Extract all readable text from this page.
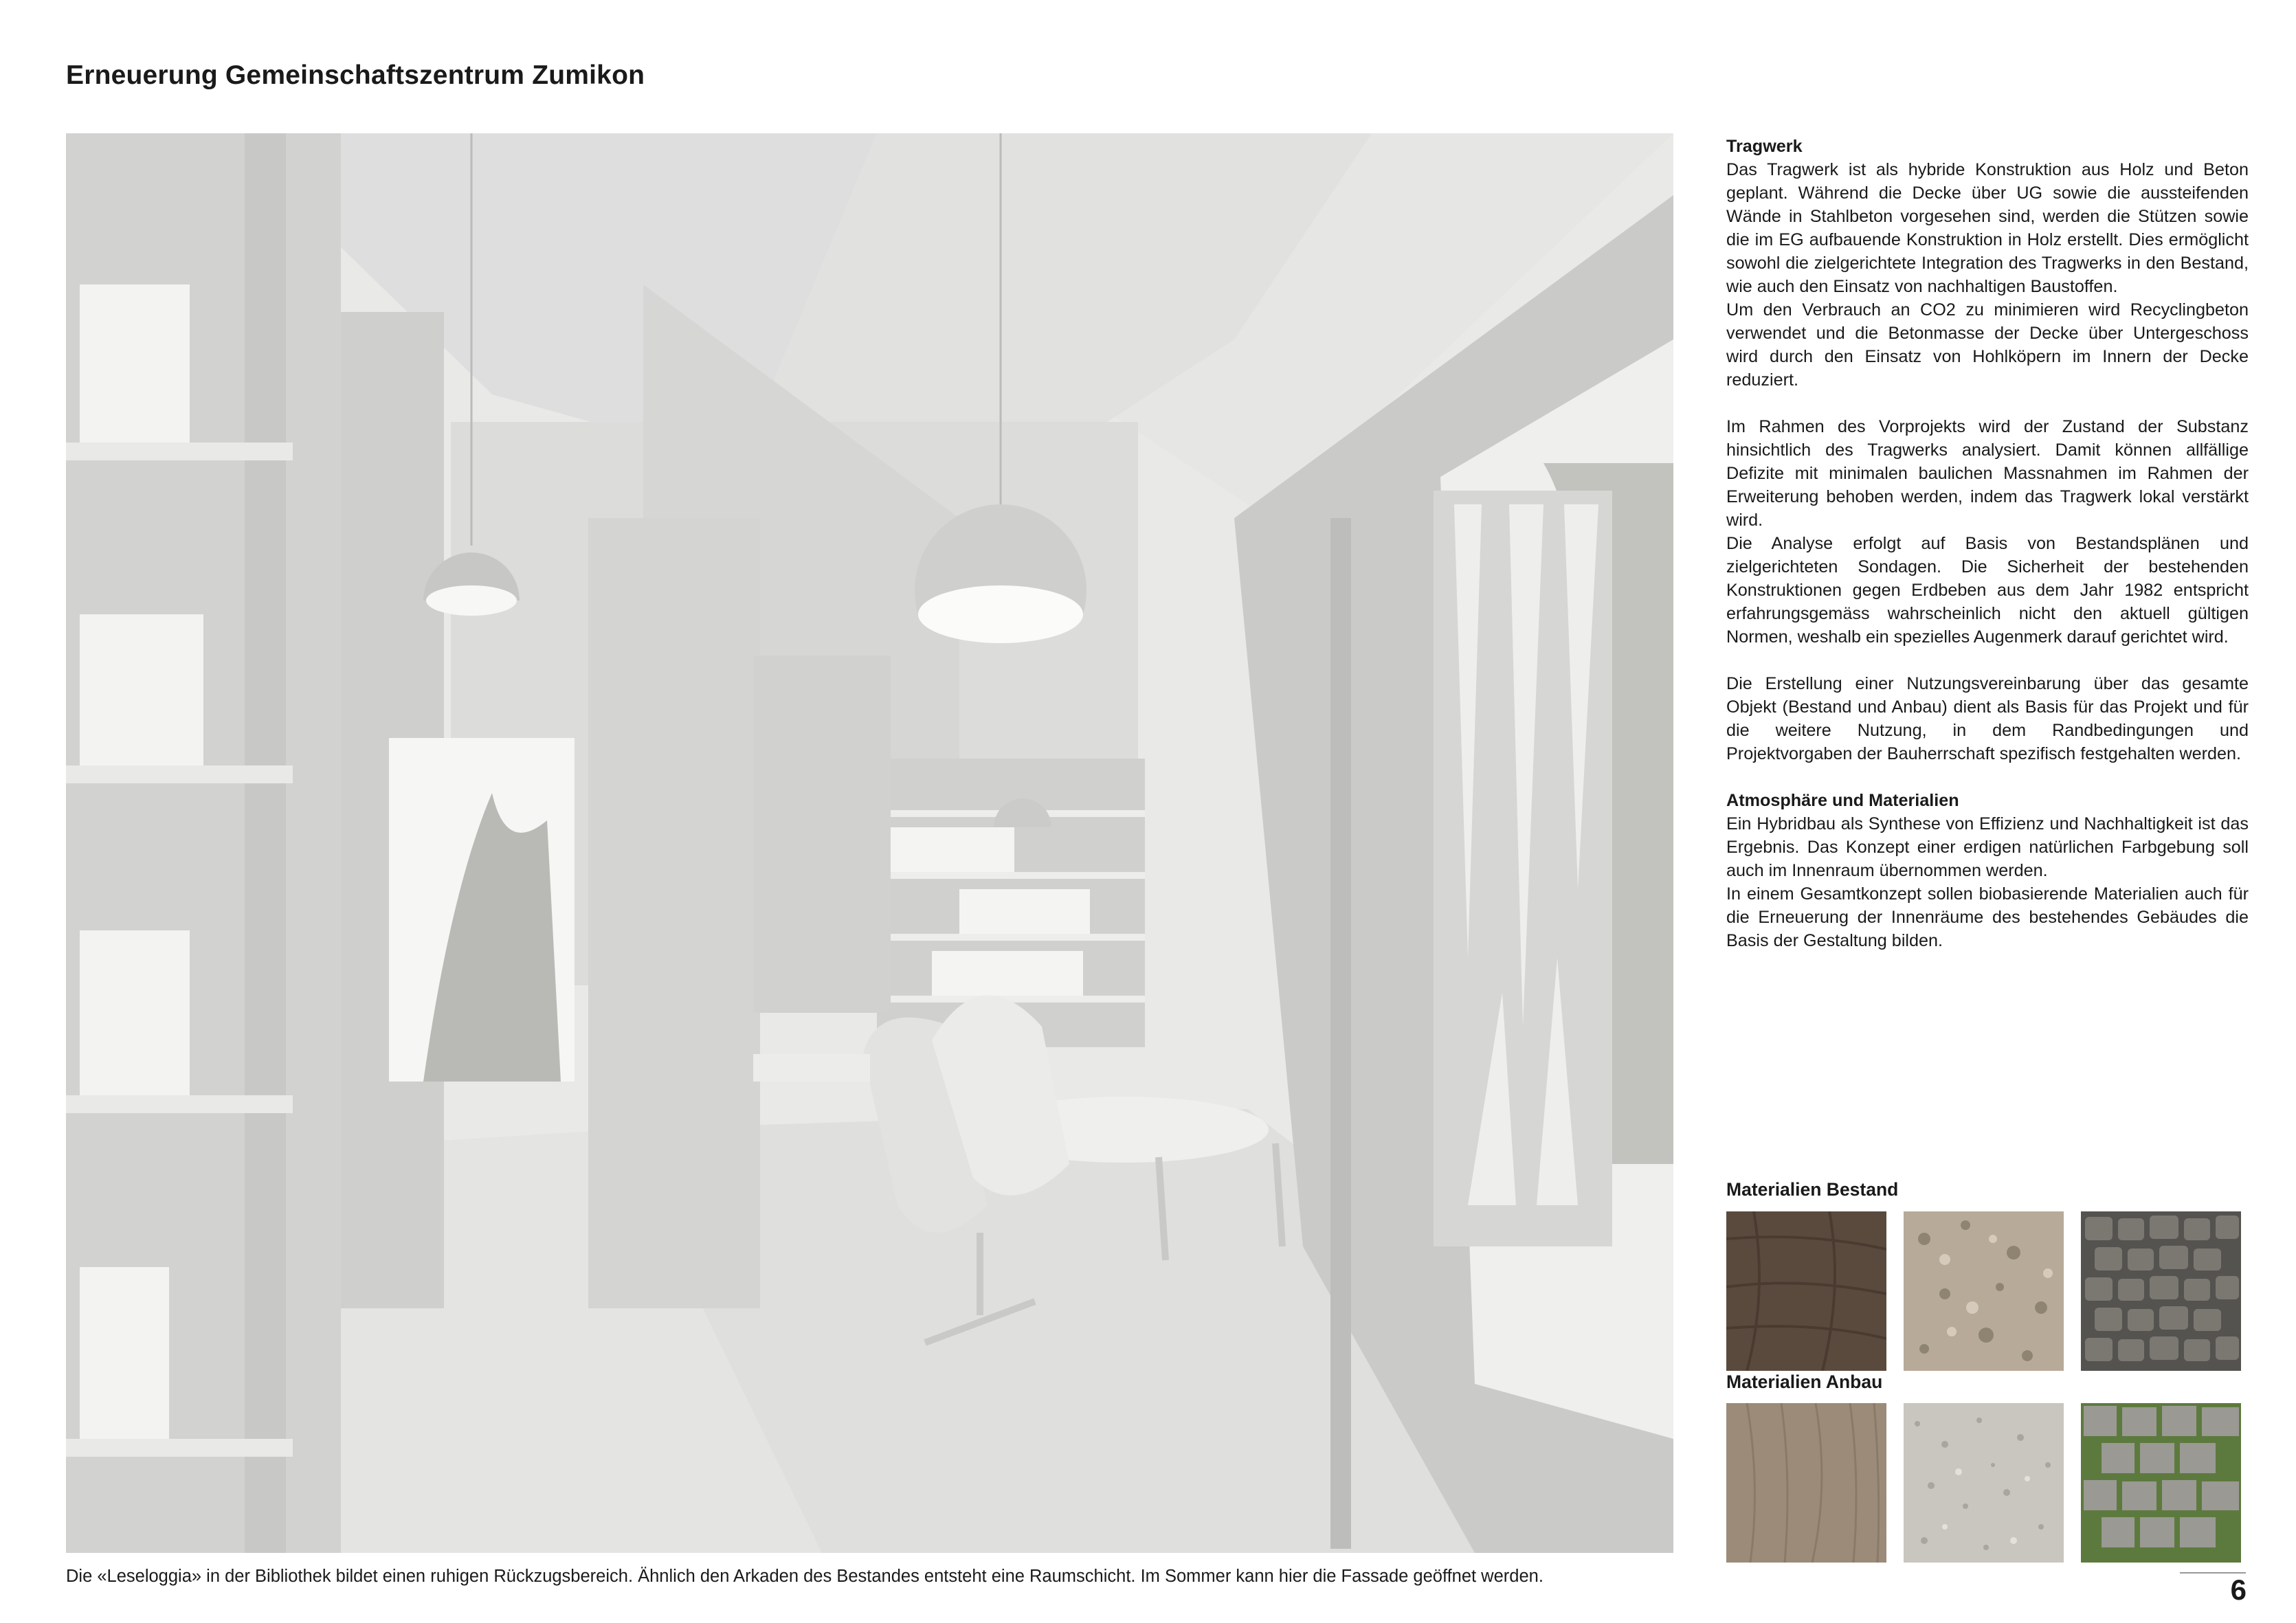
Erneuerung Gemeinschaftszentrum Zumikon
Die «Leseloggia» in der Bibliothek bildet einen ruhigen Rückzugsbereich. Ähnlich den Arkaden des Bestandes entsteht eine Raumschicht. Im Sommer kann hier die Fassade geöffnet werden.
Tragwerk

Das Tragwerk ist als hybride Konstruktion aus Holz und Beton geplant. Während die Decke über UG sowie die aussteifenden Wände in Stahlbeton vorgesehen sind, werden die Stützen sowie die im EG aufbauende Konstruktion in Holz erstellt. Dies ermöglicht sowohl die zielgerichtete Integration des Tragwerks in den Bestand, wie auch den Einsatz von nachhaltigen Baustoffen.

Um den Verbrauch an CO2 zu minimieren wird Recyclingbeton verwendet und die Betonmasse der Decke über Untergeschoss wird durch den Einsatz von Hohlköpern im Innern der Decke reduziert.

Im Rahmen des Vorprojekts wird der Zustand der Substanz hinsichtlich des Tragwerks analysiert. Damit können allfällige Defizite mit minimalen baulichen Massnahmen im Rahmen der Erweiterung behoben werden, indem das Tragwerk lokal verstärkt wird.

Die Analyse erfolgt auf Basis von Bestandsplänen und zielgerichteten Sondagen. Die Sicherheit der bestehenden Konstruktionen gegen Erdbeben aus dem Jahr 1982 entspricht erfahrungsgemäss wahrscheinlich nicht den aktuell gültigen Normen, weshalb ein spezielles Augenmerk darauf gerichtet wird.

Die Erstellung einer Nutzungsvereinbarung über das gesamte Objekt (Bestand und Anbau) dient als Basis für das Projekt und für die weitere Nutzung, in dem Randbedingungen und Projektvorgaben der Bauherrschaft spezifisch festgehalten werden.

Atmosphäre und Materialien

Ein Hybridbau als Synthese von Effizienz und Nachhaltigkeit ist das Ergebnis. Das Konzept einer erdigen natürlichen Farbgebung soll auch im Innenraum übernommen werden.

In einem Gesamtkonzept sollen biobasierende Materialien auch für die Erneuerung der Innenräume des bestehendes Gebäudes die Basis der Gestaltung bilden.

Materialien Bestand
Materialien Anbau
6
